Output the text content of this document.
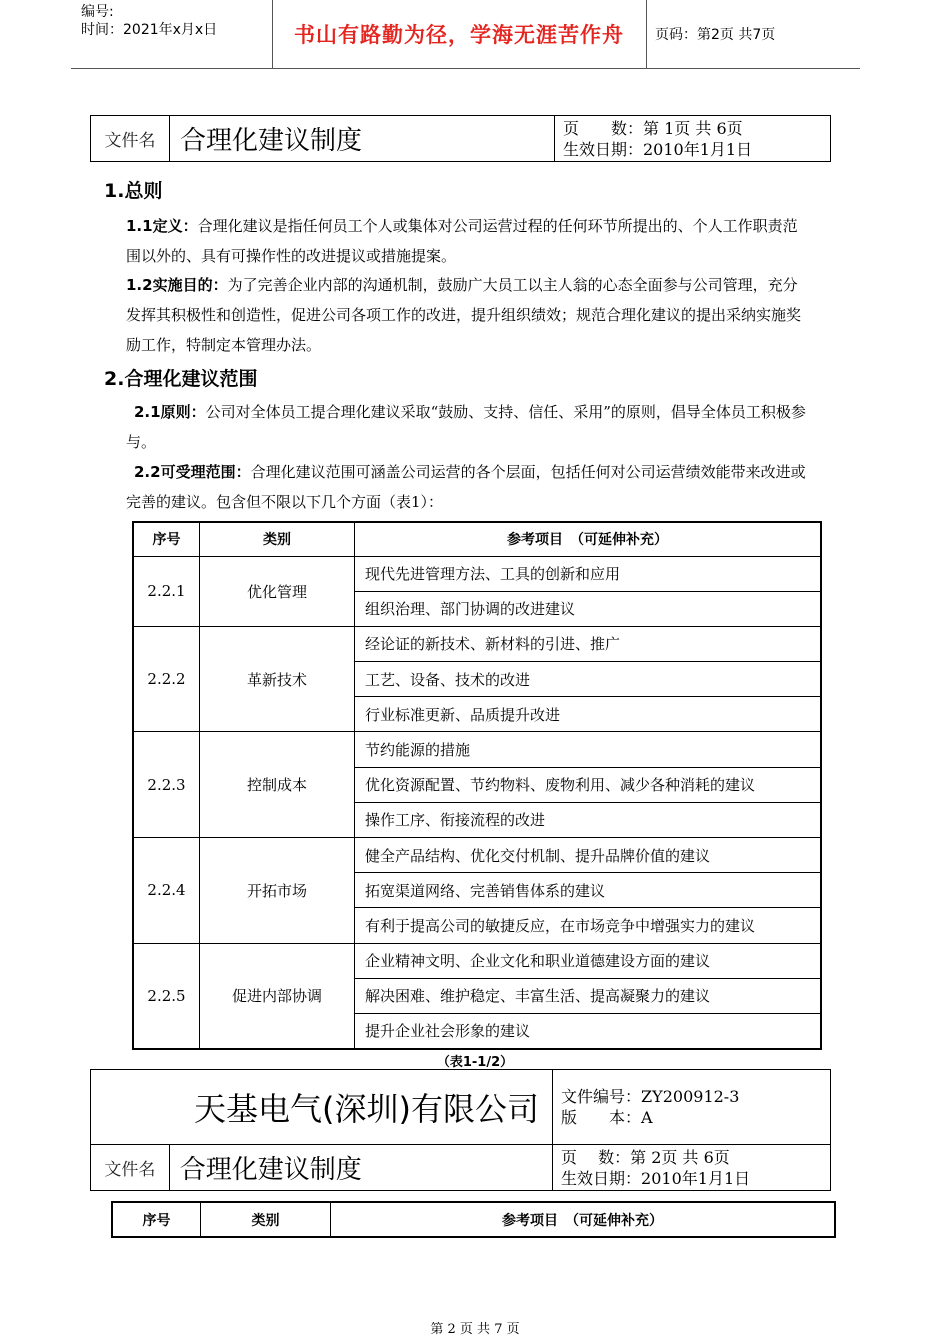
编号:
时间：2021年x月x日	书山有路勤为径，学海无涯苦作舟	页码：第2页 共7页
文件名	合理化建议制度	页　　数：第 1页 共 6页
生效日期：2010年1月1日
1.总则
1.1定义：合理化建议是指任何员工个人或集体对公司运营过程的任何环节所提出的、个人工作职责范围以外的、具有可操作性的改进提议或措施提案。
1.2实施目的：为了完善企业内部的沟通机制，鼓励广大员工以主人翁的心态全面参与公司管理，充分发挥其积极性和创造性，促进公司各项工作的改进，提升组织绩效；规范合理化建议的提出采纳实施奖励工作，特制定本管理办法。
2.合理化建议范围
2.1原则：公司对全体员工提合理化建议采取“鼓励、支持、信任、采用”的原则，倡导全体员工积极参与。
2.2可受理范围：合理化建议范围可涵盖公司运营的各个层面，包括任何对公司运营绩效能带来改进或完善的建议。包含但不限以下几个方面（表1）：
序号	类别	参考项目　（可延伸补充）
2.2.1	优化管理	现代先进管理方法、工具的创新和应用
		组织治理、部门协调的改进建议
2.2.2	革新技术	经论证的新技术、新材料的引进、推广
		工艺、设备、技术的改进
		行业标准更新、品质提升改进
2.2.3	控制成本	节约能源的措施
		优化资源配置、节约物料、废物利用、减少各种消耗的建议
		操作工序、衔接流程的改进
2.2.4	开拓市场	健全产品结构、优化交付机制、提升品牌价值的建议
		拓宽渠道网络、完善销售体系的建议
		有利于提高公司的敏捷反应，在市场竞争中增强实力的建议
2.2.5	促进内部协调	企业精神文明、企业文化和职业道德建设方面的建议
		解决困难、维护稳定、丰富生活、提高凝聚力的建议
		提升企业社会形象的建议
（表1-1/2）
天基电气(深圳)有限公司		文件编号：ZY200912-3
版　　本：A

文件名	合理化建议制度	页　 数：第 2页 共 6页
生效日期：2010年1月1日
序号	类别	参考项目　（可延伸补充）
第 2 页 共 7 页
